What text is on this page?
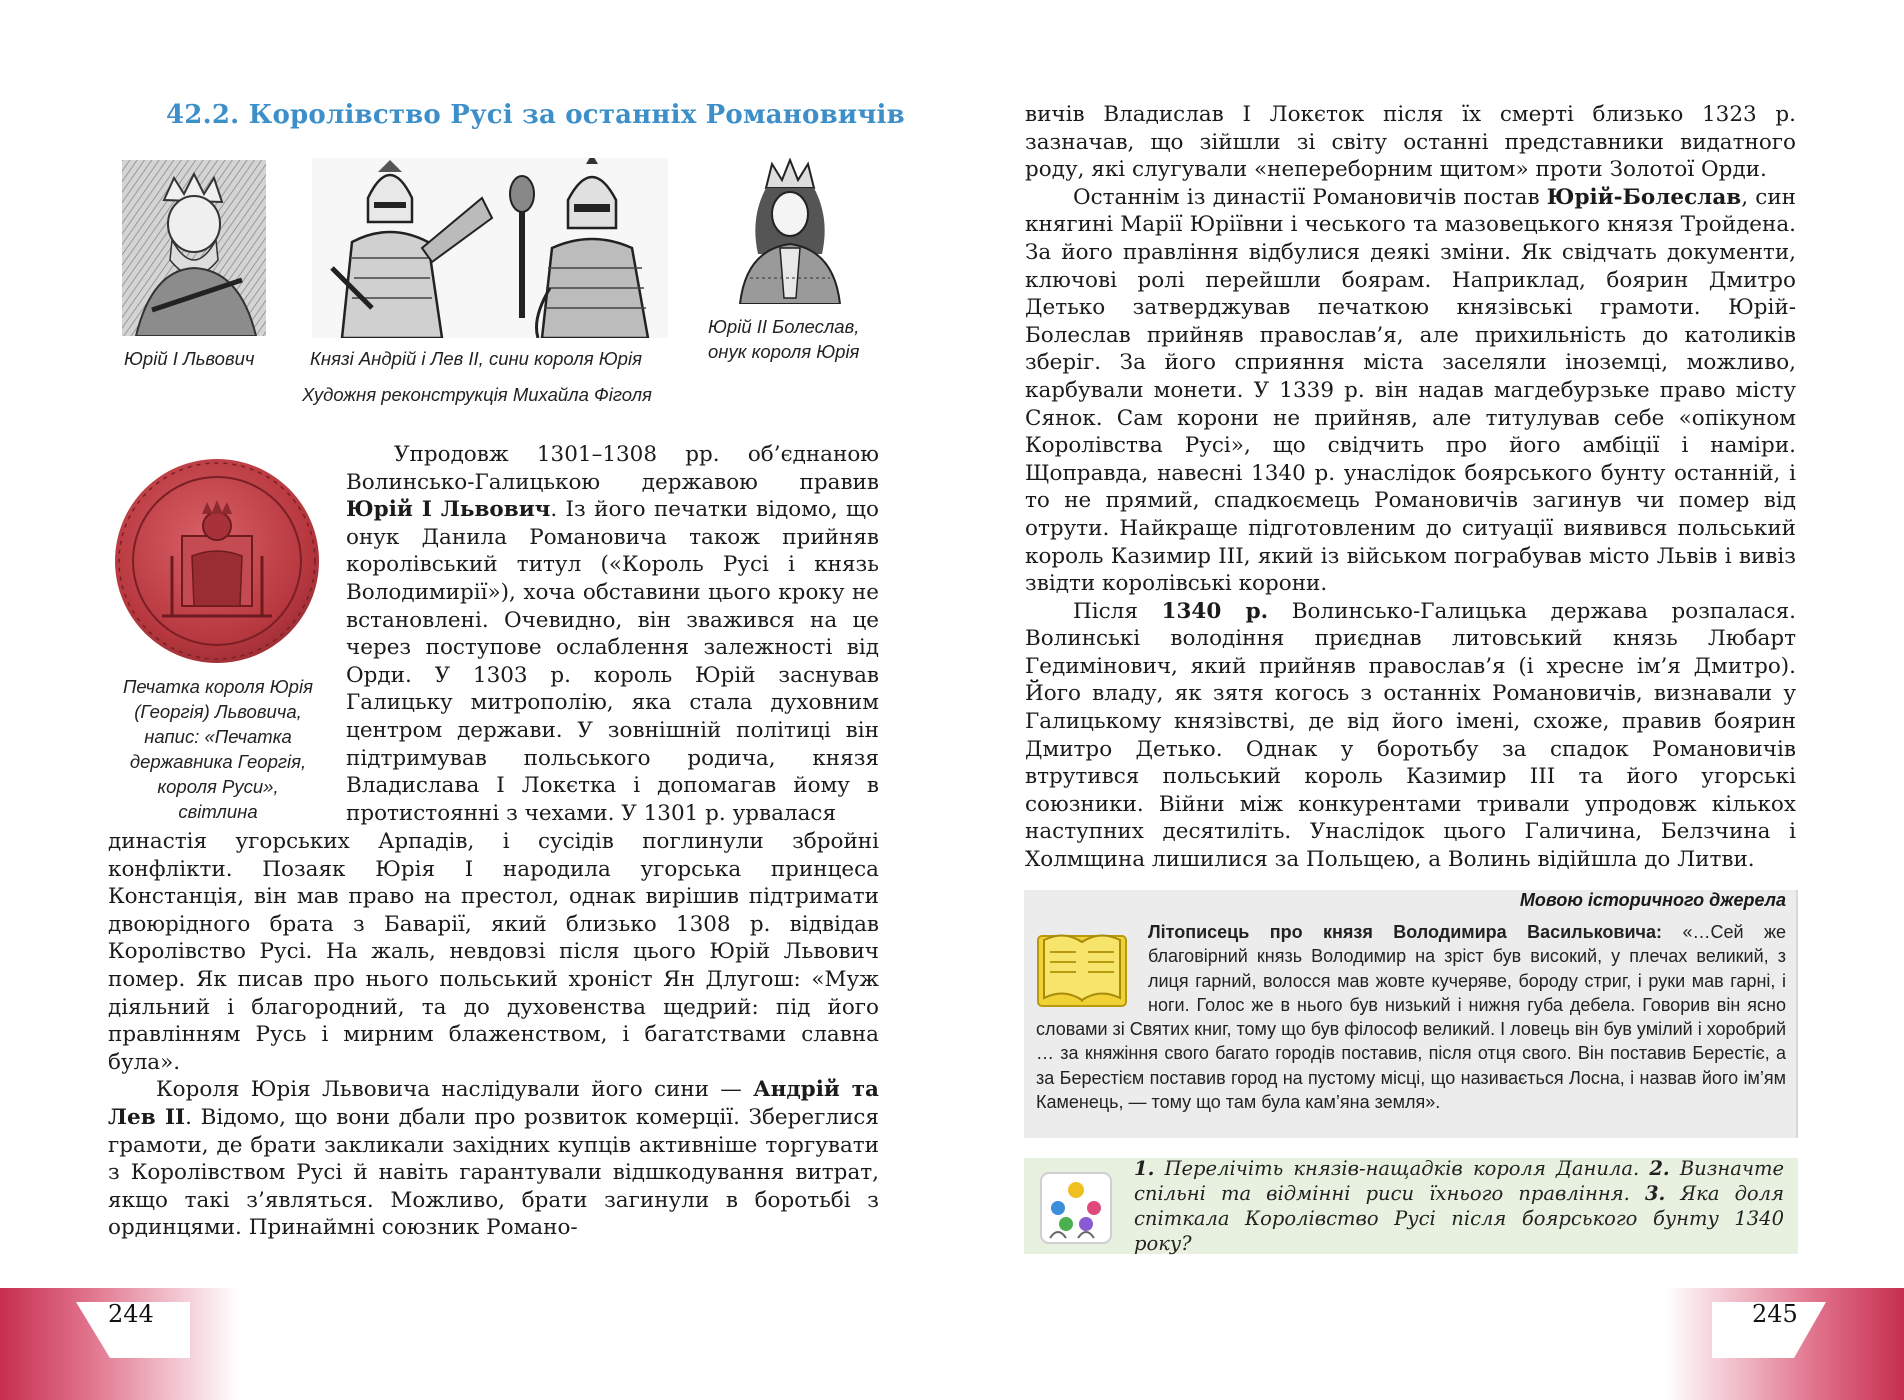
42.2. Королівство Русі за останніх Романовичів
Юрій I Львович	Князі Андрій і Лев II, сини короля Юрія
Юрій II Болеслав,
онук короля Юрія
Художня реконструкція Михайла Фіголя
Печатка короля Юрія
(Георгія) Львовича,
напис: «Печатка
державника Георгія,
короля Руси»,
світлина

Упродовж 1301–1308 рр. об’єднаною Волинсько-Галицькою державою правив Юрій I Львович. Із його печатки відомо, що онук Данила Романовича також прийняв королівський титул («Король Русі і князь Володимирії»), хоча обставини цього кроку не встановлені. Очевидно, він зважився на це через поступове ослаблення залежності від Орди. У 1303 р. король Юрій заснував Галицьку митрополію, яка стала духовним центром держави. У зовнішній політиці він підтримував польського родича, князя Владислава I Локєтка і допомагав йому в протистоянні з чехами. У 1301 р. урвалася

династія угорських Арпадів, і сусідів поглинули збройні конфлікти. Позаяк Юрія I народила угорська принцеса Констанція, він мав право на престол, однак вирішив підтримати двоюрідного брата з Баварії, який близько 1308 р. відвідав Королівство Русі. На жаль, невдовзі після цього Юрій Львович помер. Як писав про нього польський хроніст Ян Длугош: «Муж діяльний і благородний, та до духовенства щедрий: під його правлінням Русь і мирним блаженством, і багатствами славна була».

Короля Юрія Львовича наслідували його сини — Андрій та Лев II. Відомо, що вони дбали про розвиток комерції. Збереглися грамоти, де брати закликали західних купців активніше торгувати з Королівством Русі й навіть гарантували відшкодування витрат, якщо такі з’являться. Можливо, брати загинули в боротьбі з ординцями. Принаймні союзник Романо-

244	245

вичів Владислав I Локєток після їх смерті близько 1323 р. зазначав, що зійшли зі світу останні представники видатного роду, які слугували «непереборним щитом» проти Золотої Орди.

Останнім із династії Романовичів постав Юрій-Болеслав, син княгині Марії Юріївни і чеського та мазовецького князя Тройдена. За його правління відбулися деякі зміни. Як свідчать документи, ключові ролі перейшли боярам. Наприклад, боярин Дмитро Детько затверджував печаткою князівські грамоти. Юрій-Болеслав прийняв православ’я, але прихильність до католиків зберіг. За його сприяння міста заселяли іноземці, можливо, карбували монети. У 1339 р. він надав магдебурзьке право місту Сянок. Сам корони не прийняв, але титулував себе «опікуном Королівства Русі», що свідчить про його амбіції і наміри. Щоправда, навесні 1340 р. унаслідок боярського бунту останній, і то не прямий, спадкоємець Романовичів загинув чи помер від отрути. Найкраще підготовленим до ситуації виявився польський король Казимир III, який із військом пограбував місто Львів і вивіз звідти королівські корони.

Після 1340 р. Волинсько-Галицька держава розпалася. Волинські володіння приєднав литовський князь Любарт Гедимінович, який прийняв православ’я (і хресне ім’я Дмитро). Його владу, як зятя когось з останніх Романовичів, визнавали у Галицькому князівстві, де від його імені, схоже, правив боярин Дмитро Детько. Однак у боротьбу за спадок Романовичів втрутився польський король Казимир III та його угорські союзники. Війни між конкурентами тривали упродовж кількох наступних десятиліть. Унаслідок цього Галичина, Белзчина і Холмщина лишилися за Польщею, а Волинь відійшла до Литви.

Мовою історичного джерела
Літописець про князя Володимира Васильковича: «…Сей же благовірний князь Володимир на зріст був високий, у плечах великий, з лиця гарний, волосся мав жовте кучеряве, бороду стриг, і руки мав гарні, і ноги. Голос же в нього був низький і нижня губа дебела. Говорив він ясно словами зі Святих книг, тому що був філософ великий. І ловець він був умілий і хоробрий … за княжіння свого багато городів поставив, після отця свого. Він поставив Берестіє, а за Берестієм поставив город на пустому місці, що називається Лосна, і назвав його ім’ям Каменець, — тому що там була кам’яна земля».
1. Перелічіть князів-нащадків короля Данила. 2. Визначте спільні та відмінні риси їхнього правління. 3. Яка доля спіткала Королівство Русі після боярського бунту 1340 року?
